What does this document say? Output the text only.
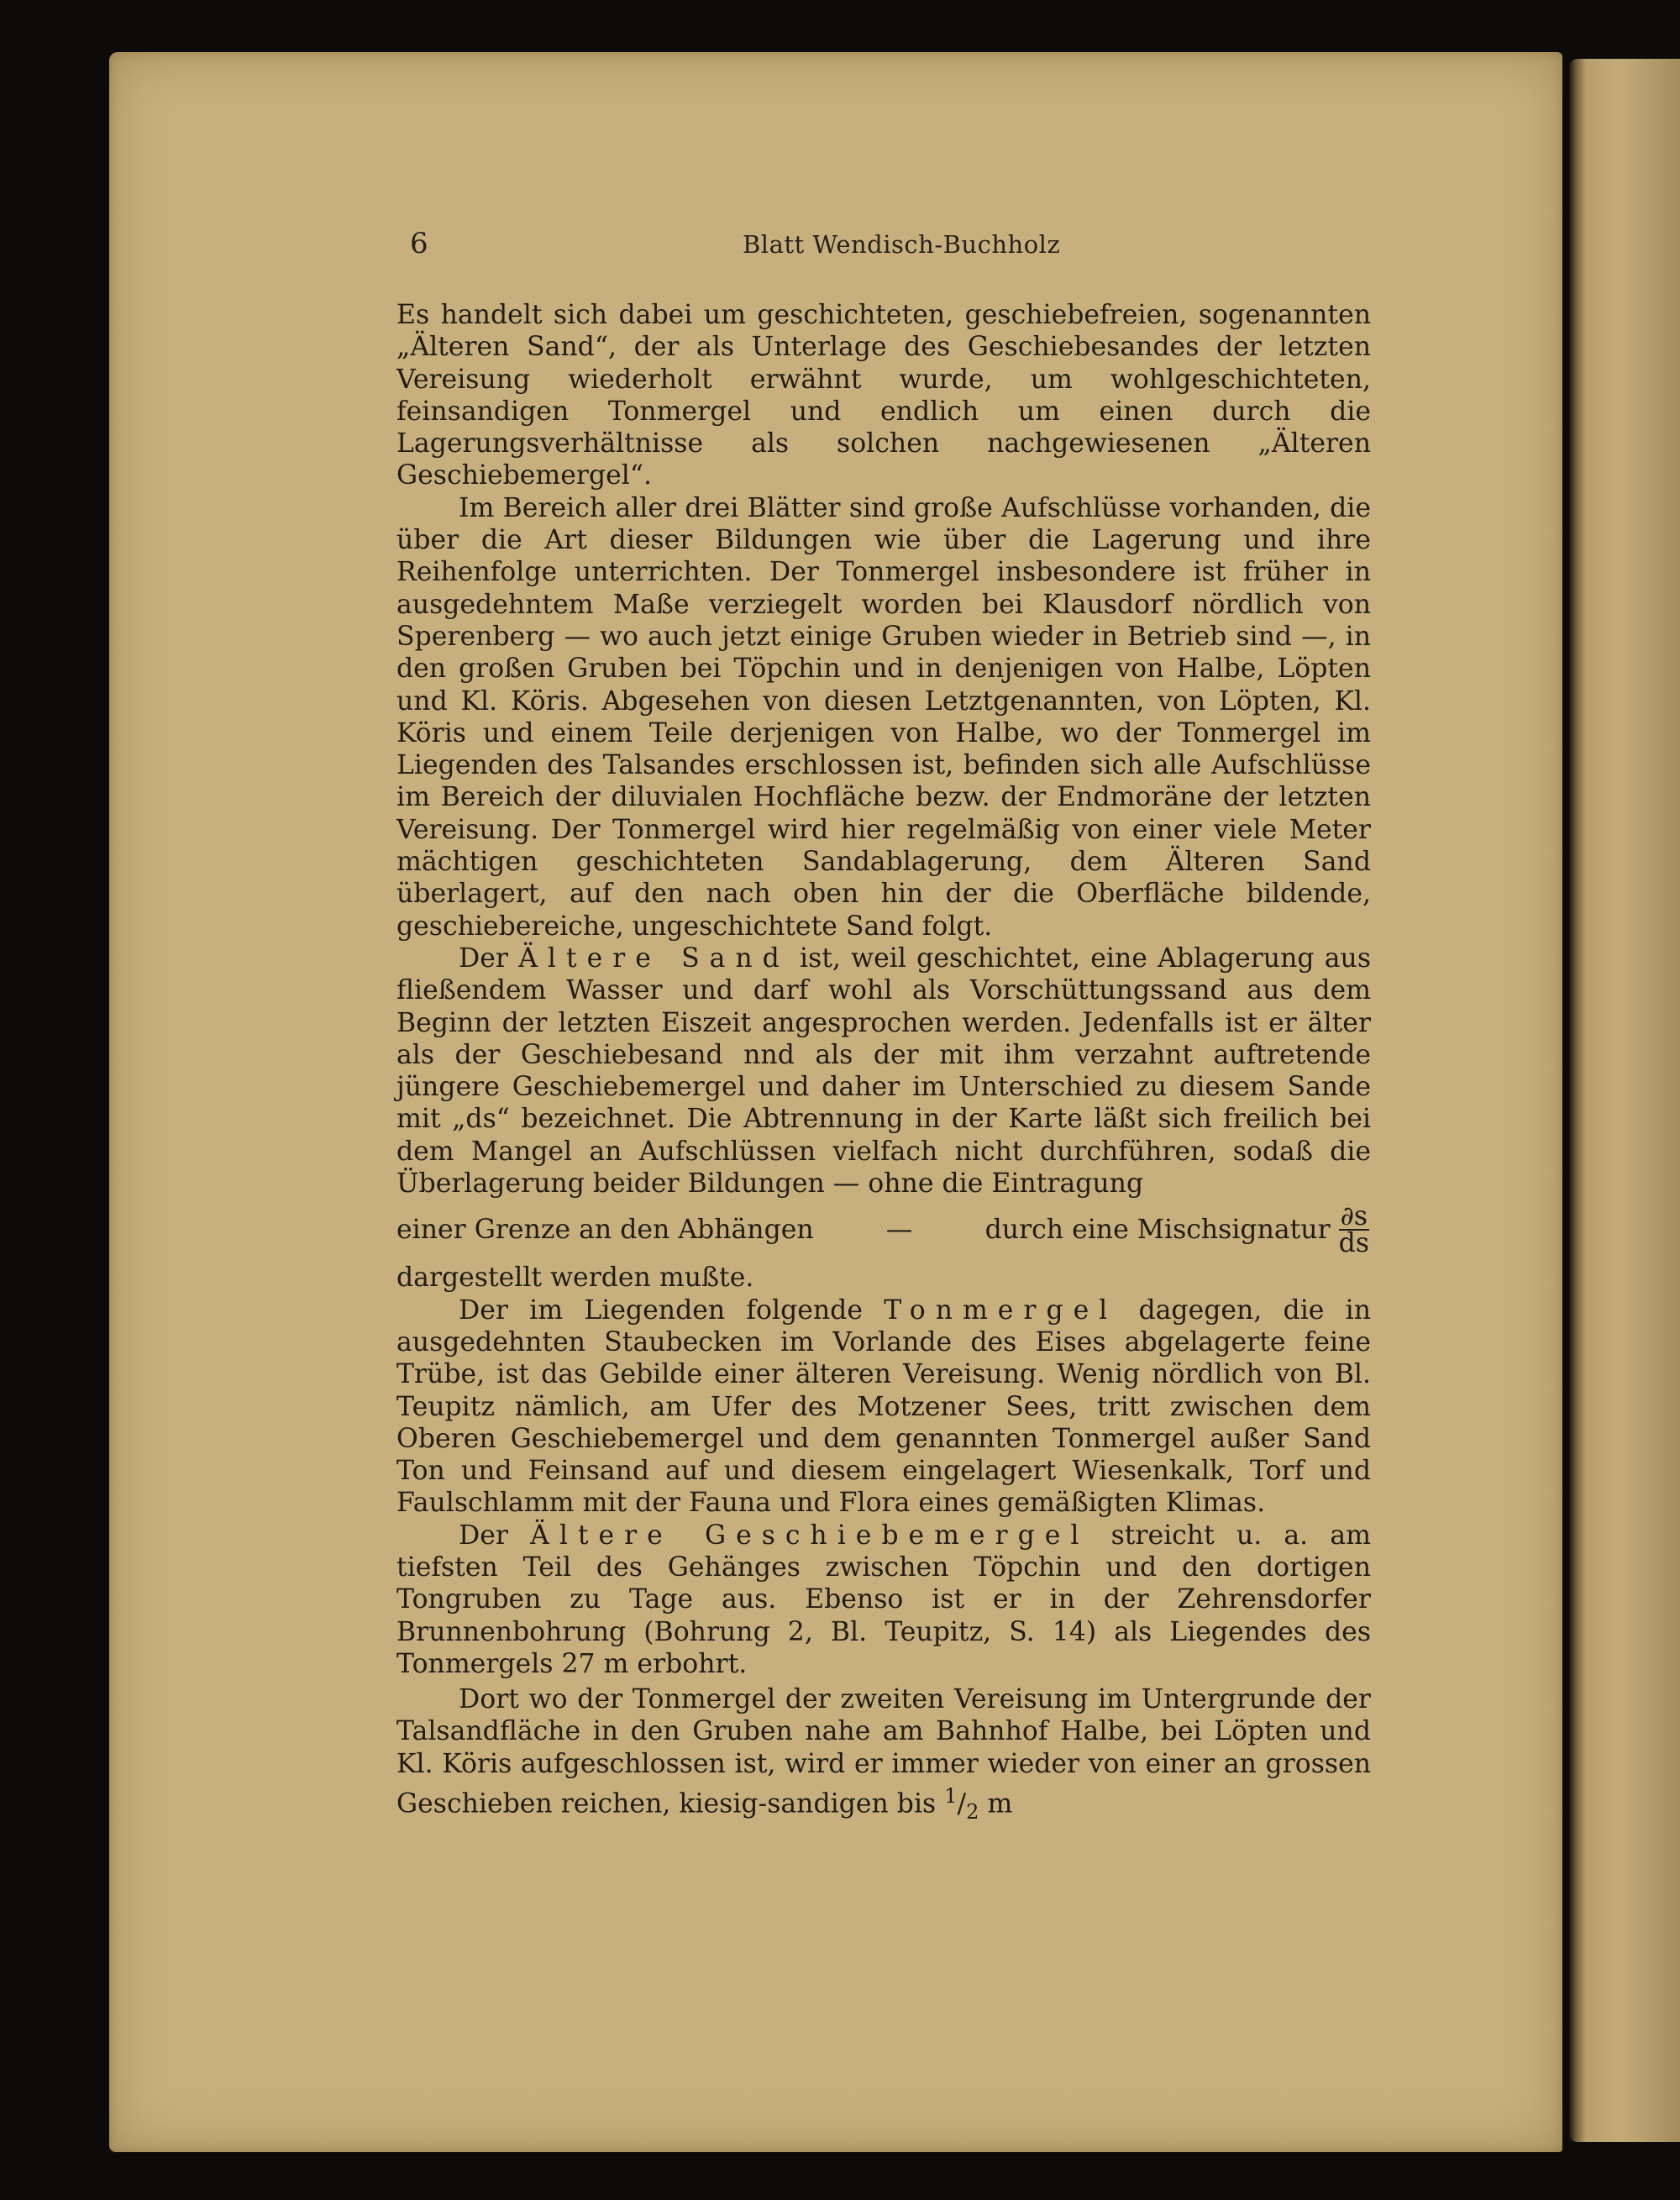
6	Blatt Wendisch-Buchholz

Es handelt sich dabei um geschichteten, geschiebefreien, sogenannten „Älteren Sand“, der als Unterlage des Geschiebesandes der letzten Vereisung wiederholt erwähnt wurde, um wohlgeschichteten, feinsandigen Tonmergel und endlich um einen durch die Lagerungsverhältnisse als solchen nachgewiesenen „Älteren Geschiebemergel“.

Im Bereich aller drei Blätter sind große Aufschlüsse vorhanden, die über die Art dieser Bildungen wie über die Lagerung und ihre Reihenfolge unterrichten. Der Tonmergel insbesondere ist früher in ausgedehntem Maße verziegelt worden bei Klausdorf nördlich von Sperenberg — wo auch jetzt einige Gruben wieder in Betrieb sind —, in den großen Gruben bei Töpchin und in denjenigen von Halbe, Löpten und Kl. Köris. Abgesehen von diesen Letztgenannten, von Löpten, Kl. Köris und einem Teile derjenigen von Halbe, wo der Tonmergel im Liegenden des Talsandes erschlossen ist, befinden sich alle Aufschlüsse im Bereich der diluvialen Hochfläche bezw. der Endmoräne der letzten Vereisung. Der Tonmergel wird hier regelmäßig von einer viele Meter mächtigen geschichteten Sandablagerung, dem Älteren Sand überlagert, auf den nach oben hin der die Oberfläche bildende, geschiebereiche, ungeschichtete Sand folgt.

Der Ältere Sand ist, weil geschichtet, eine Ablagerung aus fließendem Wasser und darf wohl als Vorschüttungssand aus dem Beginn der letzten Eiszeit angesprochen werden. Jedenfalls ist er älter als der Geschiebesand nnd als der mit ihm verzahnt auftretende jüngere Geschiebemergel und daher im Unterschied zu diesem Sande mit „ds“ bezeichnet. Die Abtrennung in der Karte läßt sich freilich bei dem Mangel an Aufschlüssen vielfach nicht durchführen, sodaß die Überlagerung beider Bildungen — ohne die Eintragung

einer Grenze an den Abhängen	—	durch eine Mischsignatur $\frac{\partial s}{ds}$

dargestellt werden mußte.

Der im Liegenden folgende Tonmergel dagegen, die in ausgedehnten Staubecken im Vorlande des Eises abgelagerte feine Trübe, ist das Gebilde einer älteren Vereisung. Wenig nördlich von Bl. Teupitz nämlich, am Ufer des Motzener Sees, tritt zwischen dem Oberen Geschiebemergel und dem genannten Tonmergel außer Sand Ton und Feinsand auf und diesem eingelagert Wiesenkalk, Torf und Faulschlamm mit der Fauna und Flora eines gemäßigten Klimas.

Der Ältere Geschiebemergel streicht u. a. am tiefsten Teil des Gehänges zwischen Töpchin und den dortigen Tongruben zu Tage aus. Ebenso ist er in der Zehrensdorfer Brunnenbohrung (Bohrung 2, Bl. Teupitz, S. 14) als Liegendes des Tonmergels 27 m erbohrt.

Dort wo der Tonmergel der zweiten Vereisung im Untergrunde der Talsandfläche in den Gruben nahe am Bahnhof Halbe, bei Löpten und Kl. Köris aufgeschlossen ist, wird er immer wieder von einer an grossen Geschieben reichen, kiesig-sandigen bis $^1/_2$ m
